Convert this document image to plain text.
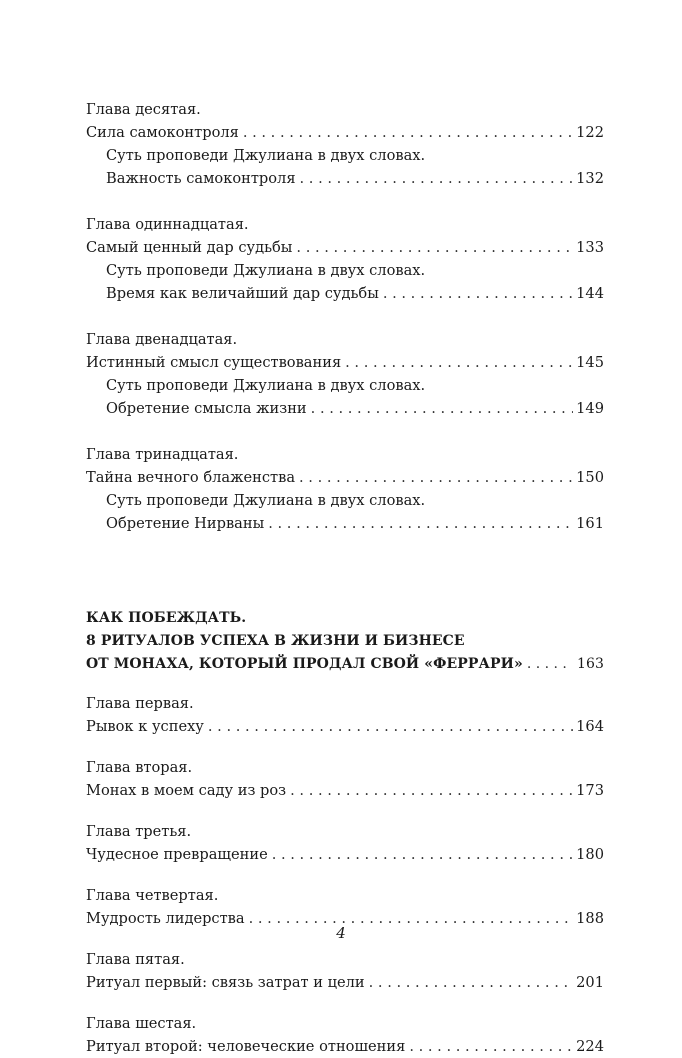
Глава десятая.
Сила самоконтроля . . .	122
Суть проповеди Джулиана в двух словах.
Важность самоконтроля . . .	132
Глава одиннадцатая.
Самый ценный дар судьбы . . .	133
Суть проповеди Джулиана в двух словах.
Время как величайший дар судьбы . . .	144
Глава двенадцатая.
Истинный смысл существования . . .	145
Суть проповеди Джулиана в двух словах.
Обретение смысла жизни . . .	149
Глава тринадцатая.
Тайна вечного блаженства . . .	150
Суть проповеди Джулиана в двух словах.
Обретение Нирваны . . .	161
КАК ПОБЕЖДАТЬ.
8 РИТУАЛОВ УСПЕХА В ЖИЗНИ И БИЗНЕСЕ
ОТ МОНАХА, КОТОРЫЙ ПРОДАЛ СВОЙ «ФЕРРАРИ» . . .	163
Глава первая.
Рывок к успеху . . .	164
Глава вторая.
Монах в моем саду из роз . . .	173
Глава третья.
Чудесное превращение . . .	180
Глава четвертая.
Мудрость лидерства . . .	188
Глава пятая.
Ритуал первый: связь затрат и цели . . .	201
Глава шестая.
Ритуал второй: человеческие отношения . . .	224
4
